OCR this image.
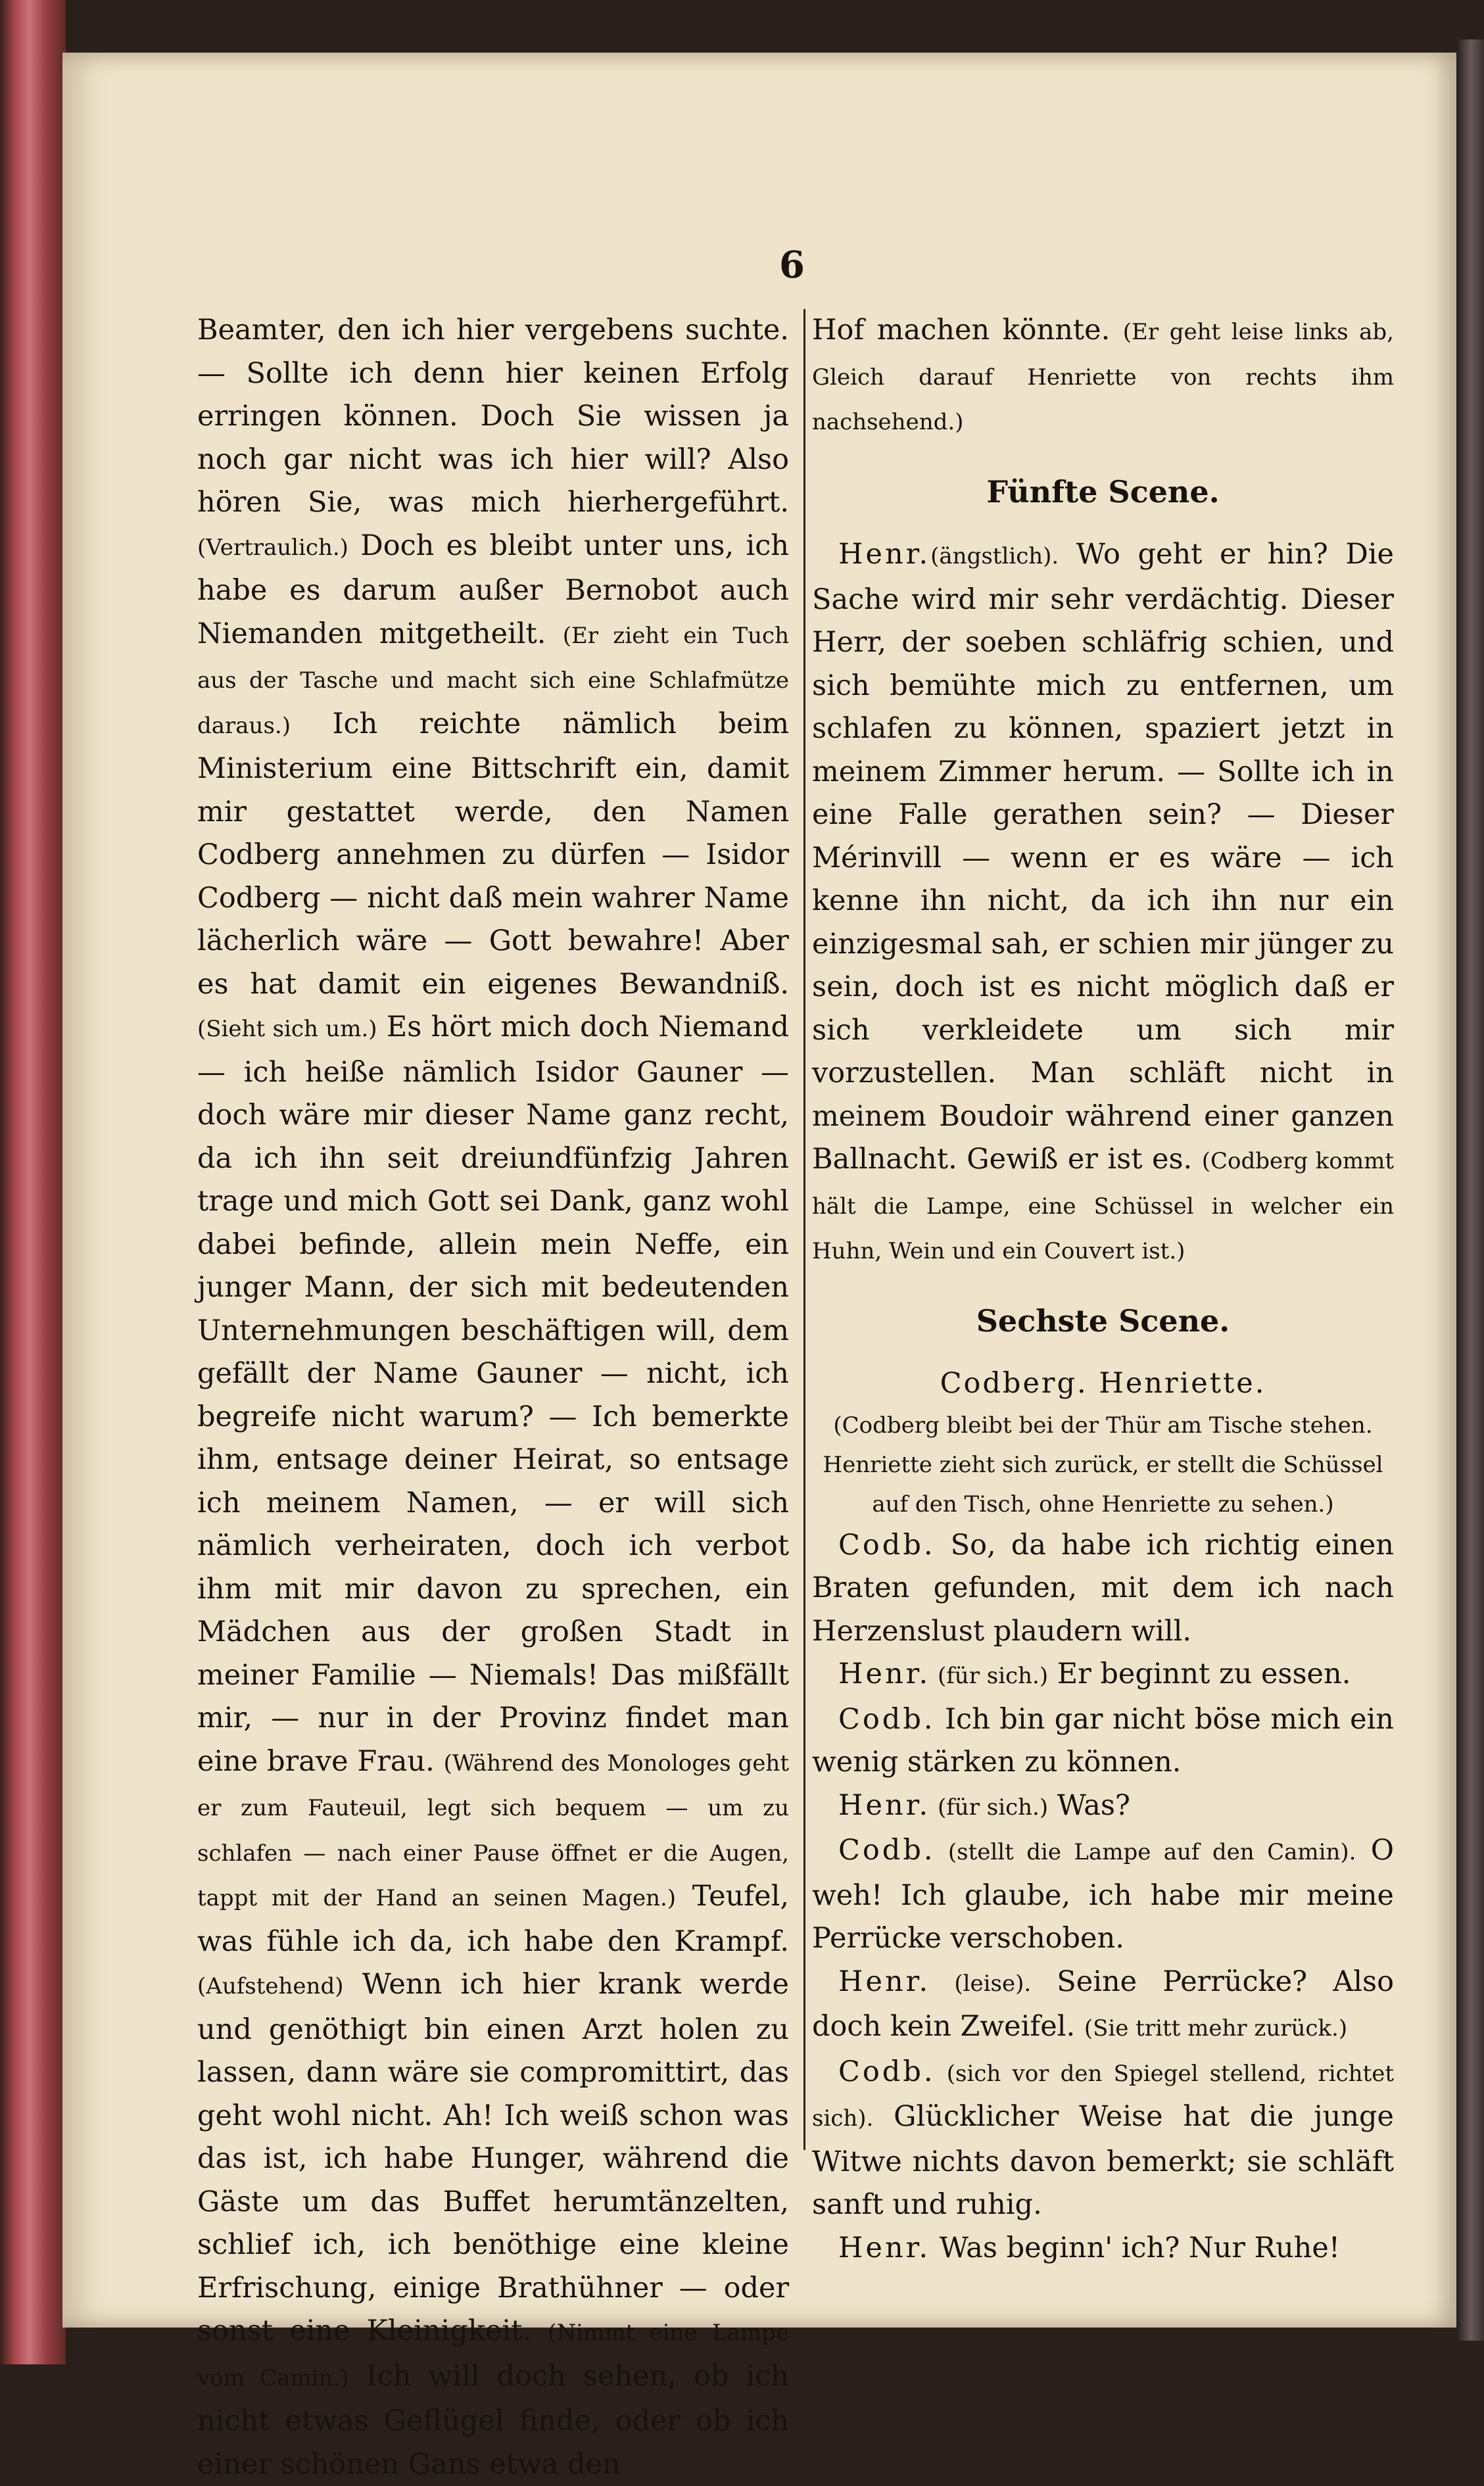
6

Beamter, den ich hier vergebens suchte. — Sollte ich denn hier keinen Erfolg erringen können. Doch Sie wissen ja noch gar nicht was ich hier will? Also hören Sie, was mich hierhergeführt. (Vertraulich.) Doch es bleibt unter uns, ich habe es darum außer Bernobot auch Niemanden mitgetheilt. (Er zieht ein Tuch aus der Tasche und macht sich eine Schlafmütze daraus.) Ich reichte nämlich beim Ministerium eine Bittschrift ein, damit mir gestattet werde, den Namen Codberg annehmen zu dürfen — Isidor Codberg — nicht daß mein wahrer Name lächerlich wäre — Gott bewahre! Aber es hat damit ein eigenes Bewandniß. (Sieht sich um.) Es hört mich doch Niemand — ich heiße nämlich Isidor Gauner — doch wäre mir dieser Name ganz recht, da ich ihn seit dreiundfünfzig Jahren trage und mich Gott sei Dank, ganz wohl dabei befinde, allein mein Neffe, ein junger Mann, der sich mit bedeutenden Unternehmungen beschäftigen will, dem gefällt der Name Gauner — nicht, ich begreife nicht warum? — Ich bemerkte ihm, entsage deiner Heirat, so entsage ich meinem Namen, — er will sich nämlich verheiraten, doch ich verbot ihm mit mir davon zu sprechen, ein Mädchen aus der großen Stadt in meiner Familie — Niemals! Das mißfällt mir, — nur in der Provinz findet man eine brave Frau. (Während des Monologes geht er zum Fauteuil, legt sich bequem — um zu schlafen — nach einer Pause öffnet er die Augen, tappt mit der Hand an seinen Magen.) Teufel, was fühle ich da, ich habe den Krampf. (Aufstehend) Wenn ich hier krank werde und genöthigt bin einen Arzt holen zu lassen, dann wäre sie compromittirt, das geht wohl nicht. Ah! Ich weiß schon was das ist, ich habe Hunger, während die Gäste um das Buffet herumtänzelten, schlief ich, ich benöthige eine kleine Erfrischung, einige Brathühner — oder sonst eine Kleinigkeit. (Nimmt eine Lampe vom Camin.) Ich will doch sehen, ob ich nicht etwas Geflügel finde, oder ob ich einer schönen Gans etwa den

Hof machen könnte. (Er geht leise links ab, Gleich darauf Henriette von rechts ihm nachsehend.)

Fünfte Scene.

Henr.(ängstlich). Wo geht er hin? Die Sache wird mir sehr verdächtig. Dieser Herr, der soeben schläfrig schien, und sich bemühte mich zu entfernen, um schlafen zu können, spaziert jetzt in meinem Zimmer herum. — Sollte ich in eine Falle gerathen sein? — Dieser Mérinvill — wenn er es wäre — ich kenne ihn nicht, da ich ihn nur ein einzigesmal sah, er schien mir jünger zu sein, doch ist es nicht möglich daß er sich verkleidete um sich mir vorzustellen. Man schläft nicht in meinem Boudoir während einer ganzen Ballnacht. Gewiß er ist es. (Codberg kommt hält die Lampe, eine Schüssel in welcher ein Huhn, Wein und ein Couvert ist.)

Sechste Scene.
Codberg. Henriette.
(Codberg bleibt bei der Thür am Tische stehen. Henriette zieht sich zurück, er stellt die Schüssel auf den Tisch, ohne Henriette zu sehen.)

Codb. So, da habe ich richtig einen Braten gefunden, mit dem ich nach Herzenslust plaudern will.

Henr. (für sich.) Er beginnt zu essen.

Codb. Ich bin gar nicht böse mich ein wenig stärken zu können.

Henr. (für sich.) Was?

Codb. (stellt die Lampe auf den Camin). O weh! Ich glaube, ich habe mir meine Perrücke verschoben.

Henr. (leise). Seine Perrücke? Also doch kein Zweifel. (Sie tritt mehr zurück.)

Codb. (sich vor den Spiegel stellend, richtet sich). Glücklicher Weise hat die junge Witwe nichts davon bemerkt; sie schläft sanft und ruhig.

Henr. Was beginn' ich? Nur Ruhe!
